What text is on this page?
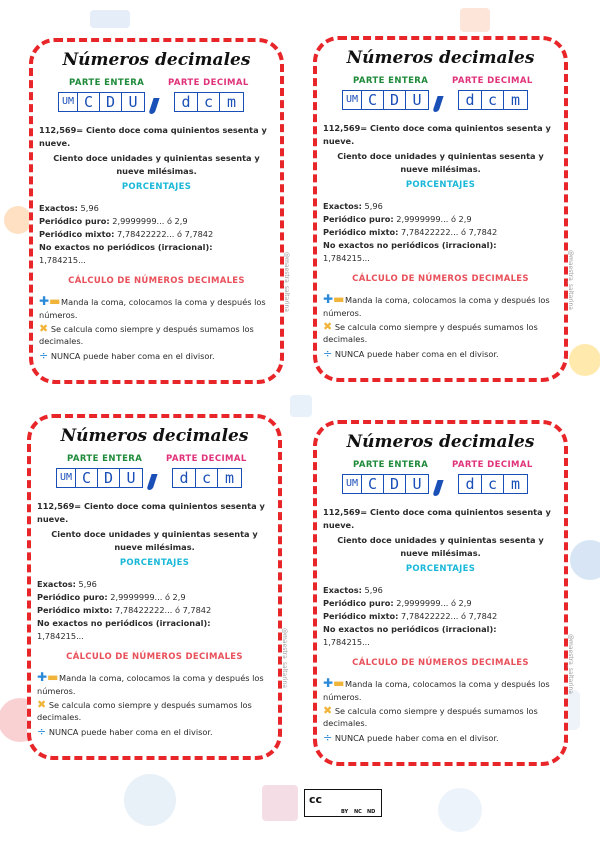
Números decimales
PARTE ENTERA	PARTE DECIMAL
UM C D U	d c m
112,569= Ciento doce coma quinientos sesenta y nueve.
Ciento doce unidades y quinientas sesenta y nueve milésimas.
PORCENTAJES
Exactos: 5,96
Periódico puro: 2,9999999... ó 2,9
Periódico mixto: 7,78422222... ó 7,7842
No exactos no periódicos (irracional):
1,784215...
CÁLCULO DE NÚMEROS DECIMALES
✚▬Manda la coma, colocamos la coma y después los números.
✖ Se calcula como siempre y después sumamos los decimales.
÷ NUNCA puede haber coma en el divisor.
@maestra_saltarina
Números decimales
PARTE ENTERA	PARTE DECIMAL
UM C D U	d c m
112,569= Ciento doce coma quinientos sesenta y nueve.
Ciento doce unidades y quinientas sesenta y nueve milésimas.
PORCENTAJES
Exactos: 5,96
Periódico puro: 2,9999999... ó 2,9
Periódico mixto: 7,78422222... ó 7,7842
No exactos no periódicos (irracional):
1,784215...
CÁLCULO DE NÚMEROS DECIMALES
✚▬Manda la coma, colocamos la coma y después los números.
✖ Se calcula como siempre y después sumamos los decimales.
÷ NUNCA puede haber coma en el divisor.
@maestra_saltarina
Números decimales
PARTE ENTERA	PARTE DECIMAL
UM C D U	d c m
112,569= Ciento doce coma quinientos sesenta y nueve.
Ciento doce unidades y quinientas sesenta y nueve milésimas.
PORCENTAJES
Exactos: 5,96
Periódico puro: 2,9999999... ó 2,9
Periódico mixto: 7,78422222... ó 7,7842
No exactos no periódicos (irracional):
1,784215...
CÁLCULO DE NÚMEROS DECIMALES
✚▬Manda la coma, colocamos la coma y después los números.
✖ Se calcula como siempre y después sumamos los decimales.
÷ NUNCA puede haber coma en el divisor.
@maestra_saltarina
Números decimales
PARTE ENTERA	PARTE DECIMAL
UM C D U	d c m
112,569= Ciento doce coma quinientos sesenta y nueve.
Ciento doce unidades y quinientas sesenta y nueve milésimas.
PORCENTAJES
Exactos: 5,96
Periódico puro: 2,9999999... ó 2,9
Periódico mixto: 7,78422222... ó 7,7842
No exactos no periódicos (irracional):
1,784215...
CÁLCULO DE NÚMEROS DECIMALES
✚▬Manda la coma, colocamos la coma y después los números.
✖ Se calcula como siempre y después sumamos los decimales.
÷ NUNCA puede haber coma en el divisor.
@maestra_saltarina
cc
BY NC ND
